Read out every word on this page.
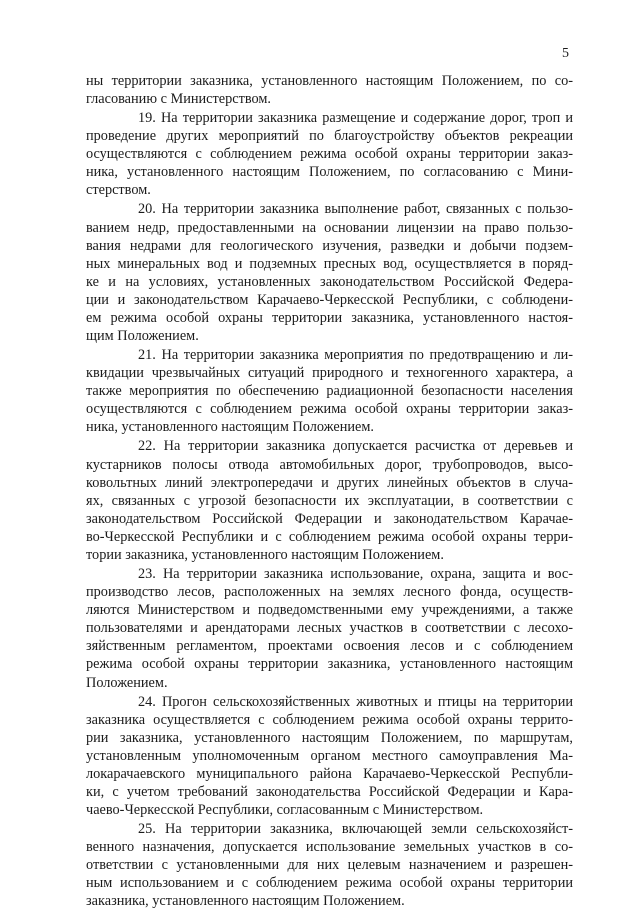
5
ны территории заказника, установленного настоящим Положением, по со-
гласованию с Министерством.
19. На территории заказника размещение и содержание дорог, троп и
проведение других мероприятий по благоустройству объектов рекреации
осуществляются с соблюдением режима особой охраны территории заказ-
ника, установленного настоящим Положением, по согласованию с Мини-
стерством.
20. На территории заказника выполнение работ, связанных с пользо-
ванием недр, предоставленными на основании лицензии на право пользо-
вания недрами для геологического изучения, разведки и добычи подзем-
ных минеральных вод и подземных пресных вод, осуществляется в поряд-
ке и на условиях, установленных законодательством Российской Федера-
ции и законодательством Карачаево-Черкесской Республики, с соблюдени-
ем режима особой охраны территории заказника, установленного настоя-
щим Положением.
21. На территории заказника мероприятия по предотвращению и ли-
квидации чрезвычайных ситуаций природного и техногенного характера, а
также мероприятия по обеспечению радиационной безопасности населения
осуществляются с соблюдением режима особой охраны территории заказ-
ника, установленного настоящим Положением.
22. На территории заказника допускается расчистка от деревьев и
кустарников полосы отвода автомобильных дорог, трубопроводов, высо-
ковольтных линий электропередачи и других линейных объектов в случа-
ях, связанных с угрозой безопасности их эксплуатации, в соответствии с
законодательством Российской Федерации и законодательством Карачае-
во-Черкесской Республики и с соблюдением режима особой охраны терри-
тории заказника, установленного настоящим Положением.
23. На территории заказника использование, охрана, защита и вос-
производство лесов, расположенных на землях лесного фонда, осуществ-
ляются Министерством и подведомственными ему учреждениями, а также
пользователями и арендаторами лесных участков в соответствии с лесохо-
зяйственным регламентом, проектами освоения лесов и с соблюдением
режима особой охраны территории заказника, установленного настоящим
Положением.
24. Прогон сельскохозяйственных животных и птицы на территории
заказника осуществляется с соблюдением режима особой охраны террито-
рии заказника, установленного настоящим Положением, по маршрутам,
установленным уполномоченным органом местного самоуправления Ма-
локарачаевского муниципального района Карачаево-Черкесской Республи-
ки, с учетом требований законодательства Российской Федерации и Кара-
чаево-Черкесской Республики, согласованным с Министерством.
25. На территории заказника, включающей земли сельскохозяйст-
венного назначения, допускается использование земельных участков в со-
ответствии с установленными для них целевым назначением и разрешен-
ным использованием и с соблюдением режима особой охраны территории
заказника, установленного настоящим Положением.
